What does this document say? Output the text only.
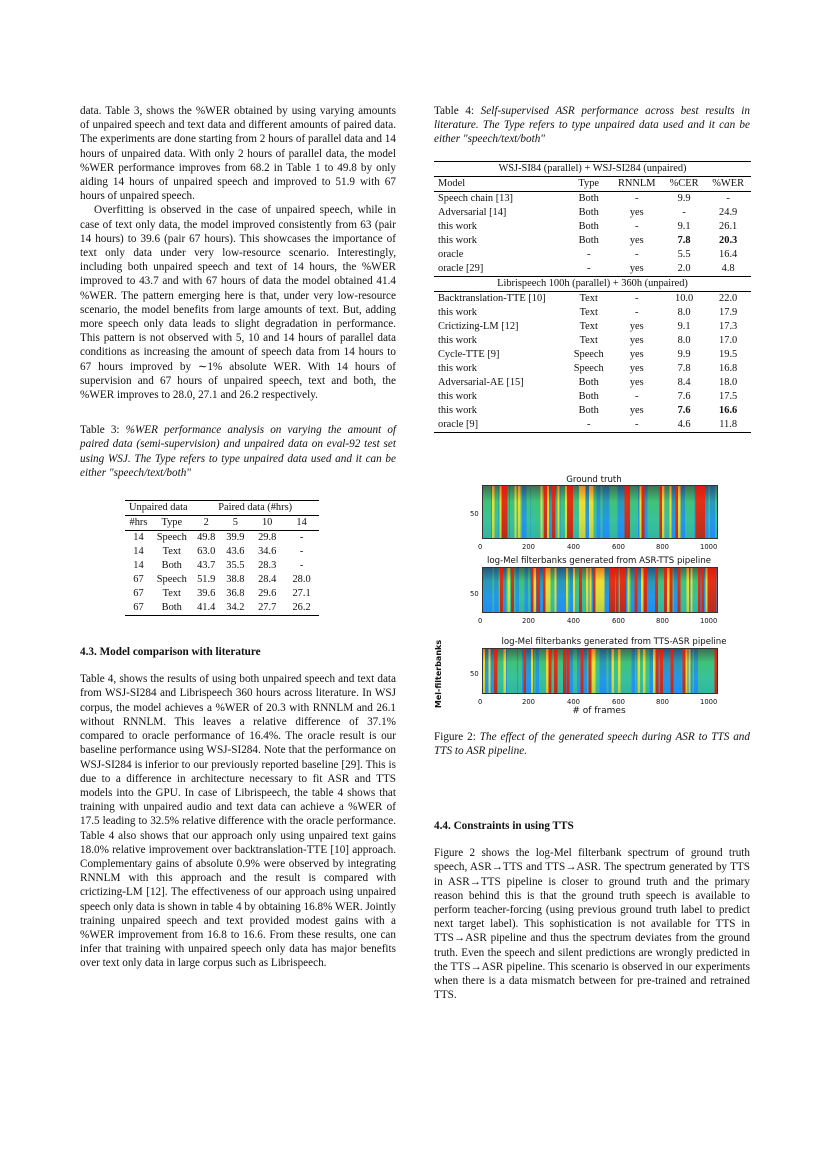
data. Table 3, shows the %WER obtained by using varying amounts of unpaired speech and text data and different amounts of paired data. The experiments are done starting from 2 hours of parallel data and 14 hours of unpaired data. With only 2 hours of parallel data, the model %WER performance improves from 68.2 in Table 1 to 49.8 by only aiding 14 hours of unpaired speech and improved to 51.9 with 67 hours of unpaired speech.

Overfitting is observed in the case of unpaired speech, while in case of text only data, the model improved consistently from 63 (pair 14 hours) to 39.6 (pair 67 hours). This showcases the importance of text only data under very low-resource scenario. Interestingly, including both unpaired speech and text of 14 hours, the %WER improved to 43.7 and with 67 hours of data the model obtained 41.4 %WER. The pattern emerging here is that, under very low-resource scenario, the model benefits from large amounts of text. But, adding more speech only data leads to slight degradation in performance. This pattern is not observed with 5, 10 and 14 hours of parallel data conditions as increasing the amount of speech data from 14 hours to 67 hours improved by ∼1% absolute WER. With 14 hours of supervision and 67 hours of unpaired speech, text and both, the %WER improves to 28.0, 27.1 and 26.2 respectively.

Table 3: %WER performance analysis on varying the amount of paired data (semi-supervision) and unpaired data on eval-92 test set using WSJ. The Type refers to type unpaired data used and it can be either "speech/text/both"

Unpaired data		Paired data (#hrs)			
#hrs	Type	2	5	10	14
14	Speech	49.8	39.9	29.8	-
14	Text	63.0	43.6	34.6	-
14	Both	43.7	35.5	28.3	-
67	Speech	51.9	38.8	28.4	28.0
67	Text	39.6	36.8	29.6	27.1
67	Both	41.4	34.2	27.7	26.2
4.3. Model comparison with literature

Table 4, shows the results of using both unpaired speech and text data from WSJ-SI284 and Librispeech 360 hours across literature. In WSJ corpus, the model achieves a %WER of 20.3 with RNNLM and 26.1 without RNNLM. This leaves a relative difference of 37.1% compared to oracle performance of 16.4%. The oracle result is our baseline performance using WSJ-SI284. Note that the performance on WSJ-SI284 is inferior to our previously reported baseline [29]. This is due to a difference in architecture necessary to fit ASR and TTS models into the GPU. In case of Librispeech, the table 4 shows that training with unpaired audio and text data can achieve a %WER of 17.5 leading to 32.5% relative difference with the oracle performance. Table 4 also shows that our approach only using unpaired text gains 18.0% relative improvement over backtranslation-TTE [10] approach. Complementary gains of absolute 0.9% were observed by integrating RNNLM with this approach and the result is compared with crictizing-LM [12]. The effectiveness of our approach using unpaired speech only data is shown in table 4 by obtaining 16.8% WER. Jointly training unpaired speech and text provided modest gains with a %WER improvement from 16.8 to 16.6. From these results, one can infer that training with unpaired speech only data has major benefits over text only data in large corpus such as Librispeech.

Table 4: Self-supervised ASR performance across best results in literature. The Type refers to type unpaired data used and it can be either "speech/text/both"

WSJ-SI84 (parallel) + WSJ-SI284 (unpaired)				
Model	Type	RNNLM	%CER	%WER
Speech chain [13]	Both	-	9.9	-
Adversarial [14]	Both	yes	-	24.9
this work	Both	-	9.1	26.1
this work	Both	yes	7.8	20.3
oracle	-	-	5.5	16.4
oracle [29]	-	yes	2.0	4.8
Librispeech 100h (parallel) + 360h (unpaired)				
Backtranslation-TTE [10]	Text	-	10.0	22.0
this work	Text	-	8.0	17.9
Crictizing-LM [12]	Text	yes	9.1	17.3
this work	Text	yes	8.0	17.0
Cycle-TTE [9]	Speech	yes	9.9	19.5
this work	Speech	yes	7.8	16.8
Adversarial-AE [15]	Both	yes	8.4	18.0
this work	Both	-	7.6	17.5
this work	Both	yes	7.6	16.6
oracle [9]	-	-	4.6	11.8
Ground truth
log-Mel filterbanks generated from ASR-TTS pipeline
log-Mel filterbanks generated from TTS-ASR pipeline
50
50
50
0	200	400	600	800	1000
0	200	400	600	800	1000
0	200	400	600	800	1000
Mel-filterbanks
# of frames

Figure 2: The effect of the generated speech during ASR to TTS and TTS to ASR pipeline.

4.4. Constraints in using TTS

Figure 2 shows the log-Mel filterbank spectrum of ground truth speech, ASR→TTS and TTS→ASR. The spectrum generated by TTS in ASR→TTS pipeline is closer to ground truth and the primary reason behind this is that the ground truth speech is available to perform teacher-forcing (using previous ground truth label to predict next target label). This sophistication is not available for TTS in TTS→ASR pipeline and thus the spectrum deviates from the ground truth. Even the speech and silent predictions are wrongly predicted in the TTS→ASR pipeline. This scenario is observed in our experiments when there is a data mismatch between for pre-trained and retrained TTS.
